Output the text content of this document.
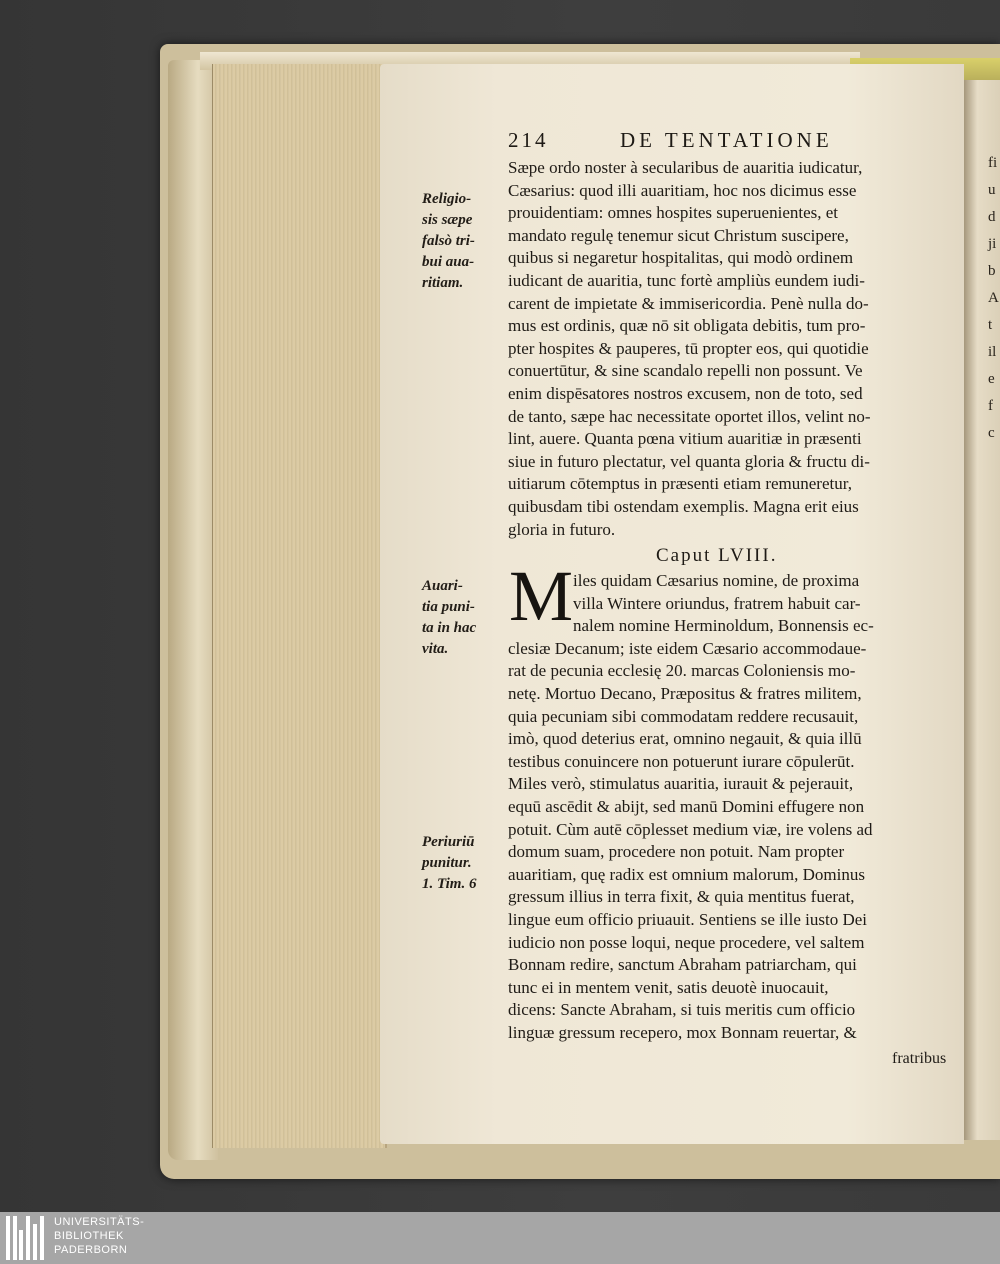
fi
u
d
ji
b
A
t
il
e
f
c
214	DE TENTATIONE
Sæpe ordo noster à secularibus de auaritia iudicatur,
Cæsarius: quod illi auaritiam, hoc nos dicimus esse
prouidentiam: omnes hospites superuenientes, et
mandato regulę tenemur sicut Christum suscipere,
quibus si negaretur hospitalitas, qui modò ordinem
iudicant de auaritia, tunc fortè ampliùs eundem iudi-
carent de impietate & immisericordia. Penè nulla do-
mus est ordinis, quæ nō sit obligata debitis, tum pro-
pter hospites & pauperes, tū propter eos, qui quotidie
conuertūtur, & sine scandalo repelli non possunt. Ve
enim dispēsatores nostros excusem, non de toto, sed
de tanto, sæpe hac necessitate oportet illos, velint no-
lint, auere. Quanta pœna vitium auaritiæ in præsenti
siue in futuro plectatur, vel quanta gloria & fructu di-
uitiarum cōtemptus in præsenti etiam remuneretur,
quibusdam tibi ostendam exemplis. Magna erit eius
gloria in futuro.
Religio-
sis sæpe
falsò tri-
bui aua-
ritiam.
Auari-
tia puni-
ta in hac
vita.
Periuriū
punitur.
1. Tim. 6
Caput LVIII.
M iles quidam Cæsarius nomine, de proxima
villa Wintere oriundus, fratrem habuit car-
nalem nomine Herminoldum, Bonnensis ec-
clesiæ Decanum; iste eidem Cæsario accommodaue-
rat de pecunia ecclesię 20. marcas Coloniensis mo-
netę. Mortuo Decano, Præpositus & fratres militem,
quia pecuniam sibi commodatam reddere recusauit,
imò, quod deterius erat, omnino negauit, & quia illū
testibus conuincere non potuerunt iurare cōpulerūt.
Miles verò, stimulatus auaritia, iurauit & pejerauit,
equū ascēdit & abijt, sed manū Domini effugere non
potuit. Cùm autē cōplesset medium viæ, ire volens ad
domum suam, procedere non potuit. Nam propter
auaritiam, quę radix est omnium malorum, Dominus
gressum illius in terra fixit, & quia mentitus fuerat,
lingue eum officio priuauit. Sentiens se ille iusto Dei
iudicio non posse loqui, neque procedere, vel saltem
Bonnam redire, sanctum Abraham patriarcham, qui
tunc ei in mentem venit, satis deuotè inuocauit,
dicens: Sancte Abraham, si tuis meritis cum officio
linguæ gressum recepero, mox Bonnam reuertar, &
fratribus
UNIVERSITÄTS-
BIBLIOTHEK
PADERBORN
